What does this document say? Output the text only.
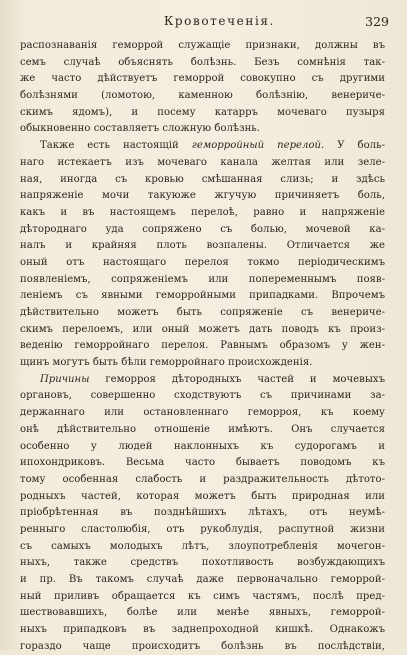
Кровотеченія.	329
распознаванія геморрой служащіе признаки, должны въ
семъ случаѣ объяснять болѣзнь. Безъ сомнѣнія так-
же часто дѣйствуетъ геморрой совокупно съ другими
болѣзнями (ломотою, каменною болѣзнію, венериче-
скимъ ядомъ), и посему катарръ мочеваго пузыря
обыкновенно составляетъ сложную болѣзнь.
Также есть настоящій геморройный перелой. У боль-
наго истекаетъ изъ мочеваго канала желтая или зеле-
ная, иногда съ кровью смѣшанная слизь; и здѣсь
напряженіе мочи такуюже жгучую причиняетъ боль,
какъ и въ настоящемъ перелоѣ, равно и напряженіе
дѣтороднаго уда сопряжено съ болью, мочевой ка-
налъ и крайняя плоть возпалены. Отличается же
оный отъ настоящаго перелоя токмо періодическимъ
появленіемъ, сопряженіемъ или попеременнымъ появ-
леніемъ съ явными геморройными припадками. Впрочемъ
дѣйствительно можетъ быть сопряженіе съ венериче-
скимъ перелоемъ, или оный можетъ дать поводъ къ произ-
веденію геморройнаго перелоя. Равнымъ образомъ у жен-
щинъ могутъ быть бѣли геморройнаго происхожденія.
Причины геморроя дѣтородныхъ частей и мочевыхъ
органовъ, совершенно сходствуютъ съ причинами за-
держаннаго или остановленнаго геморроя, къ коему
онѣ дѣйствительно отношеніе имѣютъ. Онъ случается
особенно у людей наклонныхъ къ судорогамъ и
ипохондриковъ. Весьма часто бываетъ поводомъ къ
тому особенная слабость и раздражительность дѣтото-
родныхъ частей, которая можетъ быть природная или
пріобрѣтенная въ позднѣйшихъ лѣтахъ, отъ неумѣ-
ренныго сластолюбія, отъ рукоблудія, распутной жизни
съ самыхъ молодыхъ лѣтъ, злоупотребленія мочегон-
ныхъ, также средствъ похотливость возбуждающихъ
и пр. Въ такомъ случаѣ даже первоначально геморрой-
ный приливъ обращается къ симъ частямъ, послѣ пред-
шествовавшихъ, болѣе или менѣе явныхъ, геморрой-
ныхъ припадковъ въ заднепроходной кишкѣ. Однакожъ
гораздо чаще происходитъ болѣзнь въ послѣдствіи,
